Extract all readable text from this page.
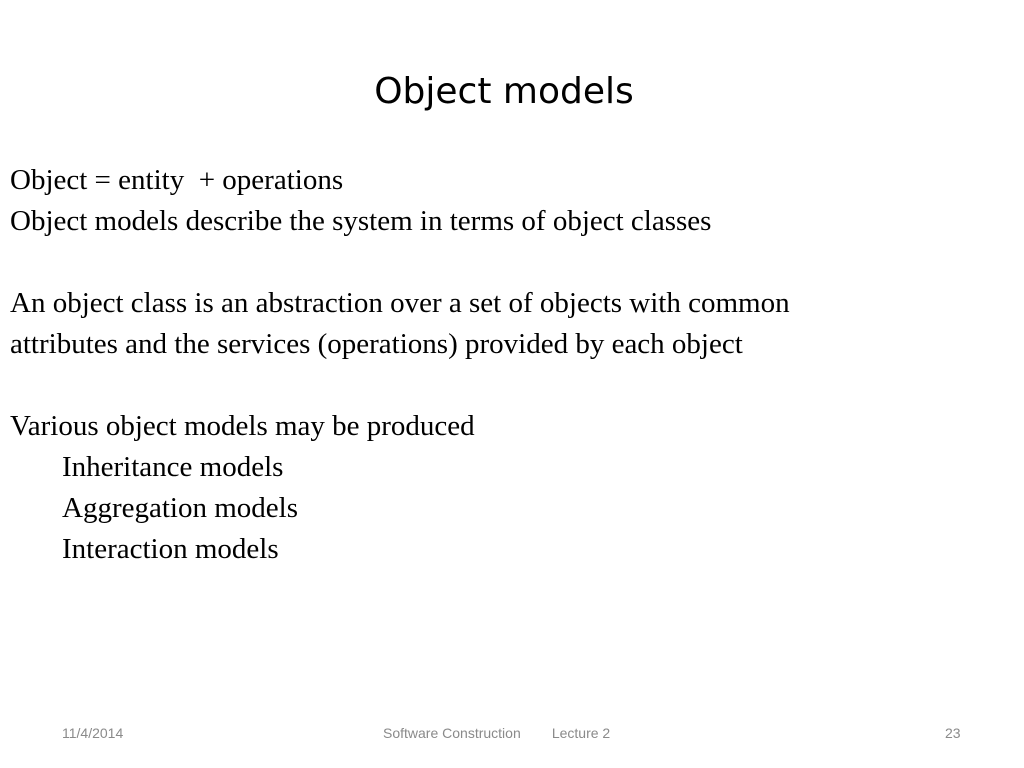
Object models
Object = entity  + operations
Object models describe the system in terms of object classes
An object class is an abstraction over a set of objects with common
attributes and the services (operations) provided by each object
Various object models may be produced
Inheritance models
Aggregation models
Interaction models
11/4/2014	Software Construction        Lecture 2	23
